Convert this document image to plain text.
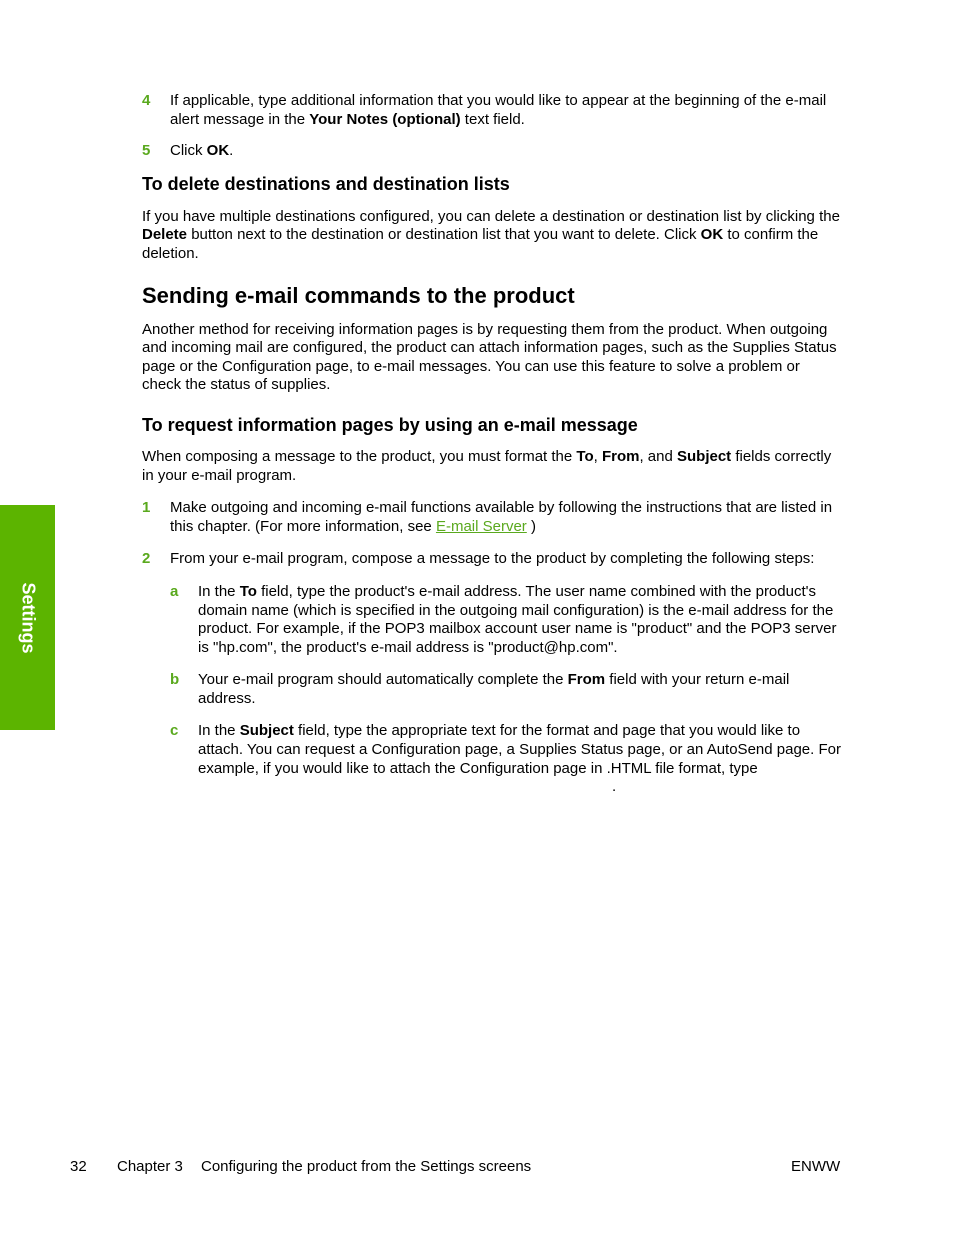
4 If applicable, type additional information that you would like to appear at the beginning of the e-mail alert message in the Your Notes (optional) text field.

5 Click OK.

To delete destinations and destination lists

If you have multiple destinations configured, you can delete a destination or destination list by clicking the Delete button next to the destination or destination list that you want to delete. Click OK to confirm the deletion.

Sending e-mail commands to the product

Another method for receiving information pages is by requesting them from the product. When outgoing and incoming mail are configured, the product can attach information pages, such as the Supplies Status page or the Configuration page, to e-mail messages. You can use this feature to solve a problem or check the status of supplies.

To request information pages by using an e-mail message

When composing a message to the product, you must format the To, From, and Subject fields correctly in your e-mail program.

1 Make outgoing and incoming e-mail functions available by following the instructions that are listed in this chapter. (For more information, see E-mail Server )

2 From your e-mail program, compose a message to the product by completing the following steps:

a In the To field, type the product's e-mail address. The user name combined with the product's domain name (which is specified in the outgoing mail configuration) is the e-mail address for the product. For example, if the POP3 mailbox account user name is "product" and the POP3 server is "hp.com", the product's e-mail address is "product@hp.com".

b Your e-mail program should automatically complete the From field with your return e-mail address.

c In the Subject field, type the appropriate text for the format and page that you would like to attach. You can request a Configuration page, a Supplies Status page, or an AutoSend page. For example, if you would like to attach the Configuration page in .HTML file format, type.

Settings
32 Chapter 3 Configuring the product from the Settings screens	ENWW
